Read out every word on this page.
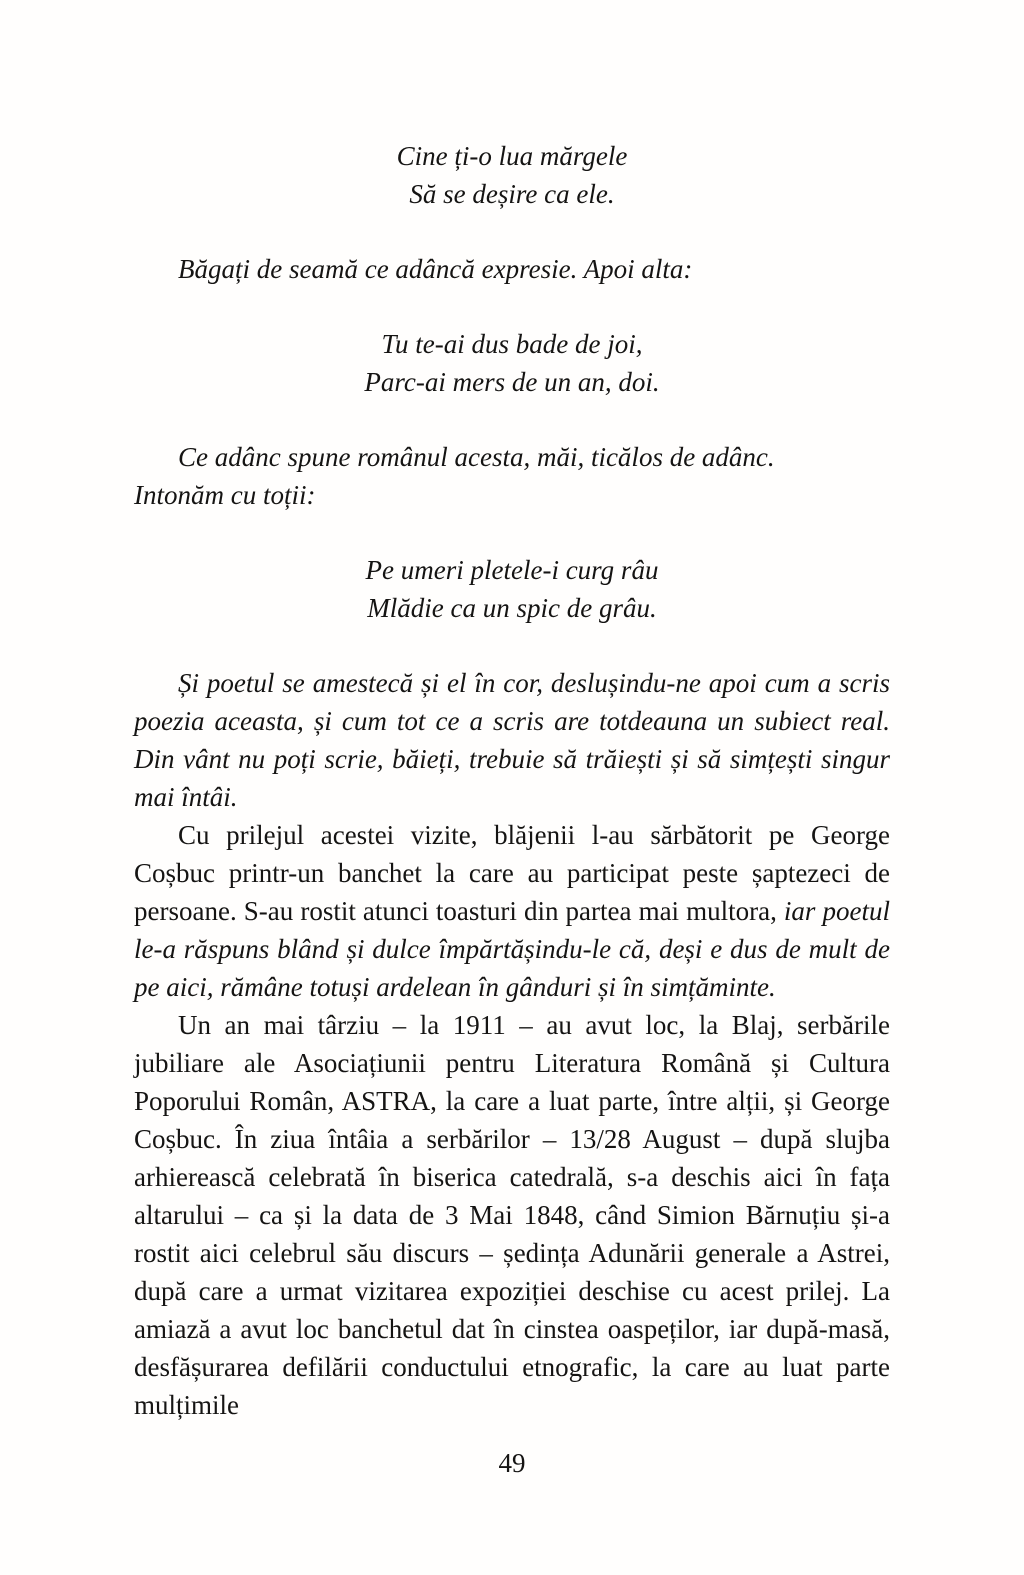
Cine ți-o lua mărgele
Să se deșire ca ele.

Băgați de seamă ce adâncă expresie. Apoi alta:

Tu te-ai dus bade de joi,
Parc-ai mers de un an, doi.

Ce adânc spune românul acesta, măi, ticălos de adânc.
Intonăm cu toții:

Pe umeri pletele-i curg râu
Mlădie ca un spic de grâu.

Și poetul se amestecă și el în cor, deslușindu-ne apoi cum a scris poezia aceasta, și cum tot ce a scris are totdeauna un subiect real. Din vânt nu poți scrie, băieți, trebuie să trăiești și să simțești singur mai întâi.

Cu prilejul acestei vizite, blăjenii l-au sărbătorit pe George Coșbuc printr-un banchet la care au participat peste șaptezeci de persoane. S-au rostit atunci toasturi din partea mai multora, iar poetul le-a răspuns blând și dulce împărtășindu-le că, deși e dus de mult de pe aici, rămâne totuși ardelean în gânduri și în simțăminte.

Un an mai târziu – la 1911 – au avut loc, la Blaj, serbările jubiliare ale Asociațiunii pentru Literatura Română și Cultura Poporului Român, ASTRA, la care a luat parte, între alții, și George Coșbuc. În ziua întâia a serbărilor – 13/28 August – după slujba arhierească celebrată în biserica catedrală, s-a deschis aici în fața altarului – ca și la data de 3 Mai 1848, când Simion Bărnuțiu și-a rostit aici celebrul său discurs – ședința Adunării generale a Astrei, după care a urmat vizitarea expoziției deschise cu acest prilej. La amiază a avut loc banchetul dat în cinstea oaspeților, iar după-masă, desfășurarea defilării conductului etnografic, la care au luat parte mulțimile

49
